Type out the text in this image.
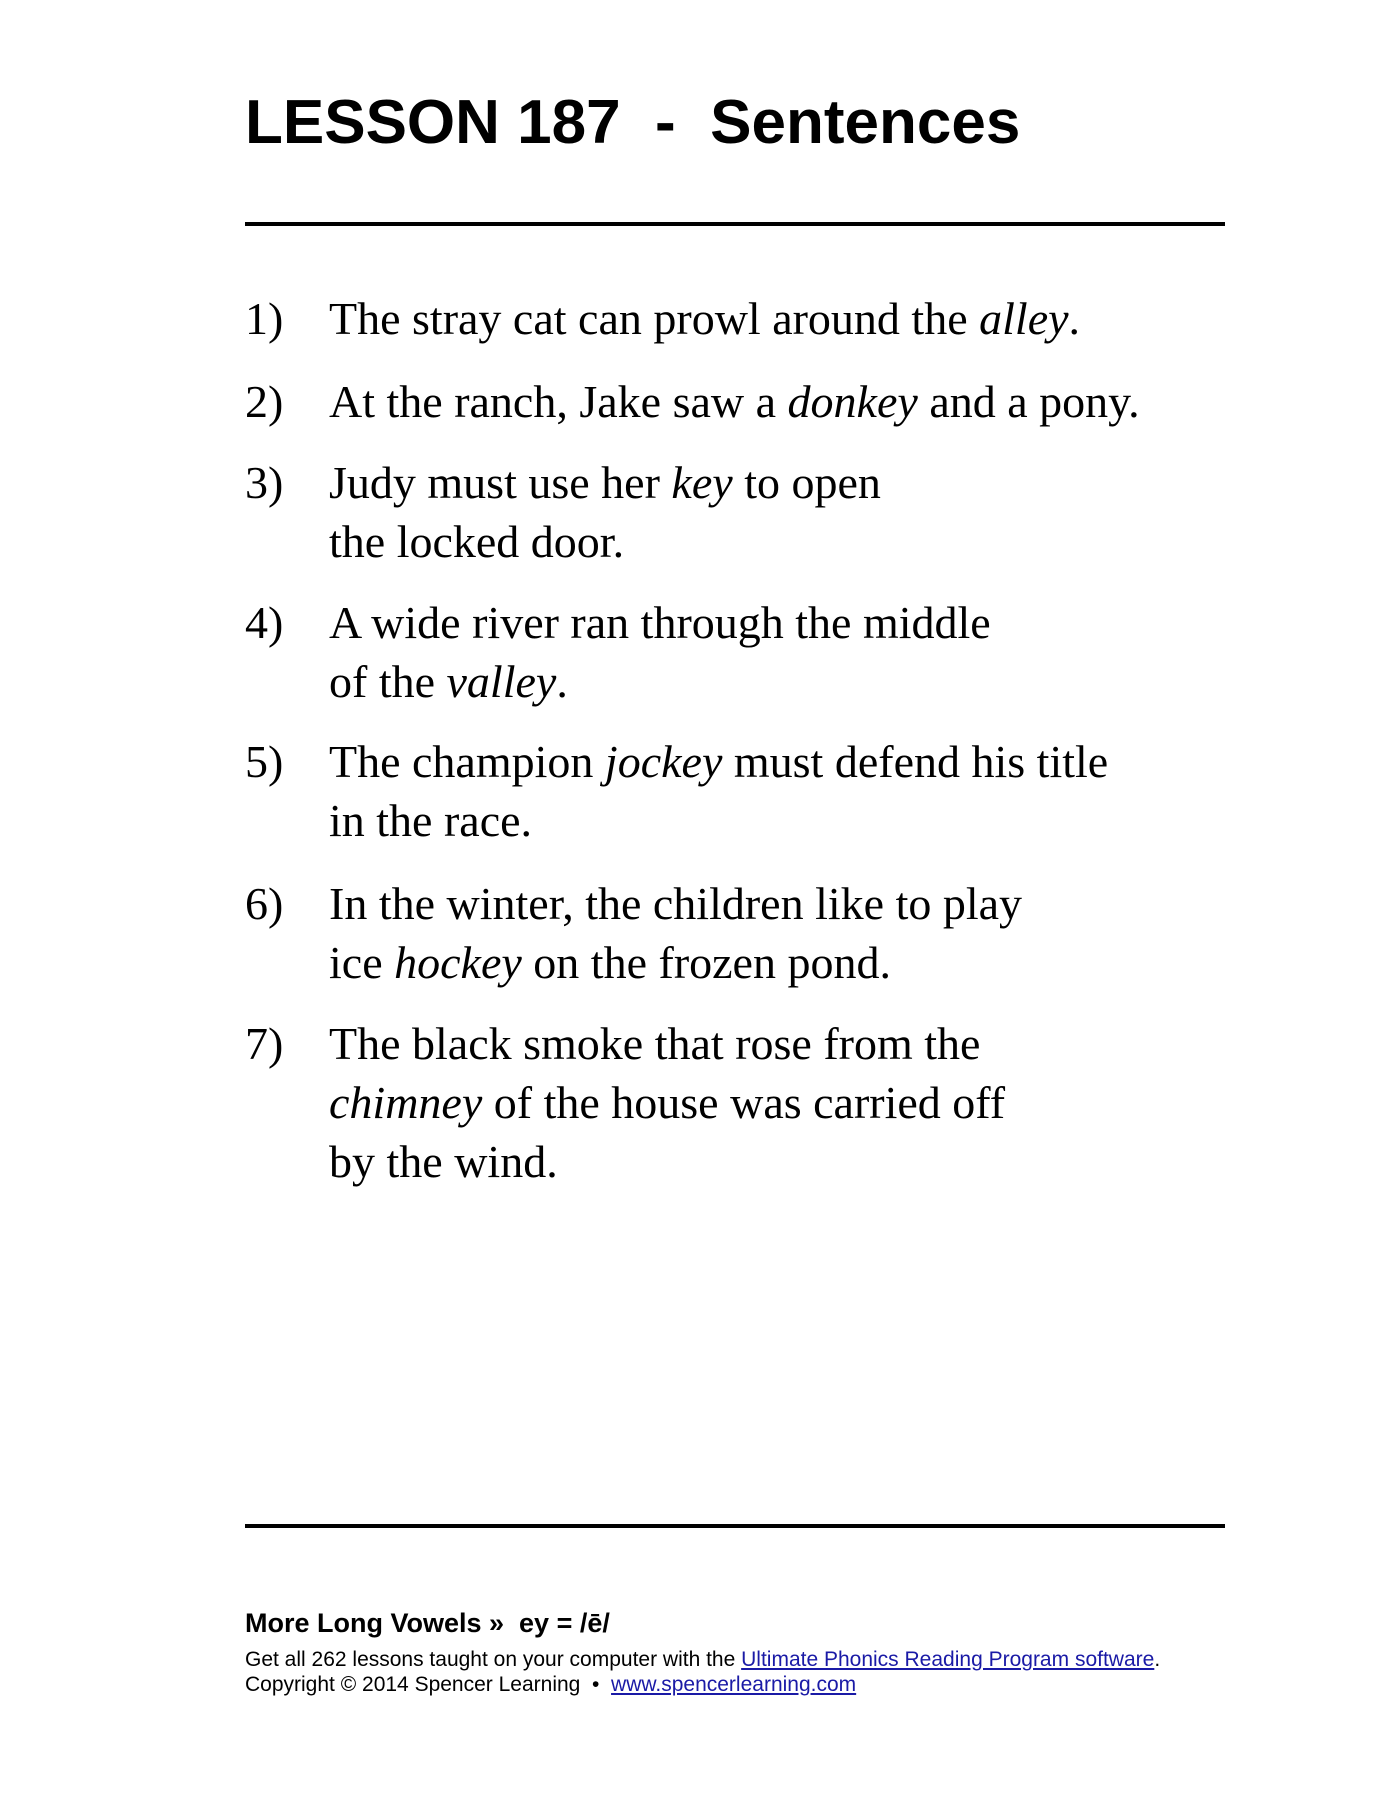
LESSON 187  -  Sentences
1) The stray cat can prowl around the alley.
2) At the ranch, Jake saw a donkey and a pony.
3) Judy must use her key to open
the locked door.
4) A wide river ran through the middle
of the valley.
5) The champion jockey must defend his title
in the race.
6) In the winter, the children like to play
ice hockey on the frozen pond.
7) The black smoke that rose from the
chimney of the house was carried off
by the wind.
More Long Vowels »  ey = /ē/
Get all 262 lessons taught on your computer with the Ultimate Phonics Reading Program software.
Copyright © 2014 Spencer Learning  •  www.spencerlearning.com
